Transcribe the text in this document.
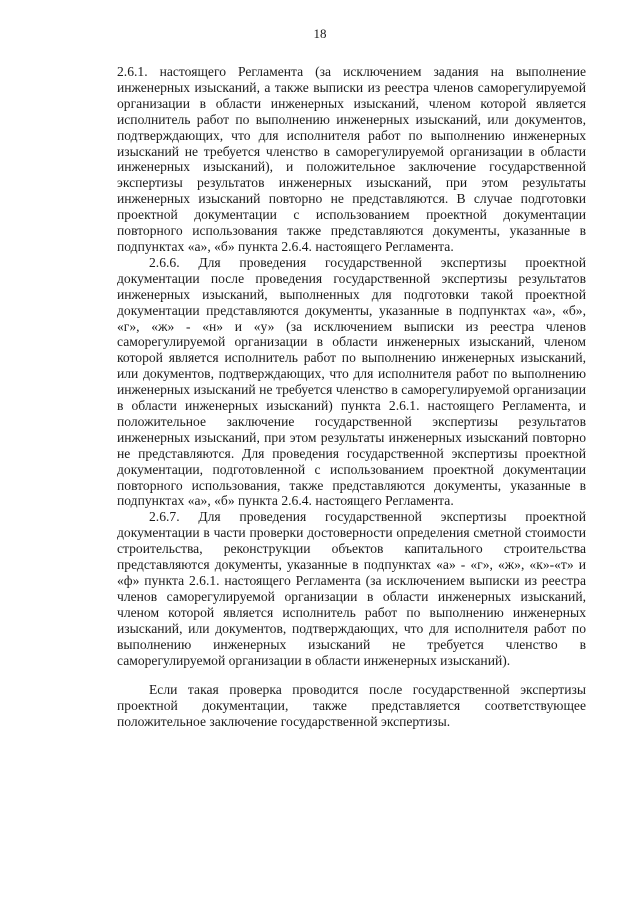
18

2.6.1. настоящего Регламента (за исключением задания на выполнение инженерных изысканий, а также выписки из реестра членов саморегулируемой организации в области инженерных изысканий, членом которой является исполнитель работ по выполнению инженерных изысканий, или документов, подтверждающих, что для исполнителя работ по выполнению инженерных изысканий не требуется членство в саморегулируемой организации в области инженерных изысканий), и положительное заключение государственной экспертизы результатов инженерных изысканий, при этом результаты инженерных изысканий повторно не представляются. В случае подготовки проектной документации с использованием проектной документации повторного использования также представляются документы, указанные в подпунктах «а», «б» пункта 2.6.4. настоящего Регламента.

2.6.6. Для проведения государственной экспертизы проектной документации после проведения государственной экспертизы результатов инженерных изысканий, выполненных для подготовки такой проектной документации представляются документы, указанные в подпунктах «а», «б», «г», «ж» - «н» и «у» (за исключением выписки из реестра членов саморегулируемой организации в области инженерных изысканий, членом которой является исполнитель работ по выполнению инженерных изысканий, или документов, подтверждающих, что для исполнителя работ по выполнению инженерных изысканий не требуется членство в саморегулируемой организации в области инженерных изысканий) пункта 2.6.1. настоящего Регламента, и положительное заключение государственной экспертизы результатов инженерных изысканий, при этом результаты инженерных изысканий повторно не представляются. Для проведения государственной экспертизы проектной документации, подготовленной с использованием проектной документации повторного использования, также представляются документы, указанные в подпунктах «а», «б» пункта 2.6.4. настоящего Регламента.

2.6.7. Для проведения государственной экспертизы проектной документации в части проверки достоверности определения сметной стоимости строительства, реконструкции объектов капитального строительства представляются документы, указанные в подпунктах «а» - «г», «ж», «к»-«т» и «ф» пункта 2.6.1. настоящего Регламента (за исключением выписки из реестра членов саморегулируемой организации в области инженерных изысканий, членом которой является исполнитель работ по выполнению инженерных изысканий, или документов, подтверждающих, что для исполнителя работ по выполнению инженерных изысканий не требуется членство в саморегулируемой организации в области инженерных изысканий).

Если такая проверка проводится после государственной экспертизы проектной документации, также представляется соответствующее положительное заключение государственной экспертизы.
